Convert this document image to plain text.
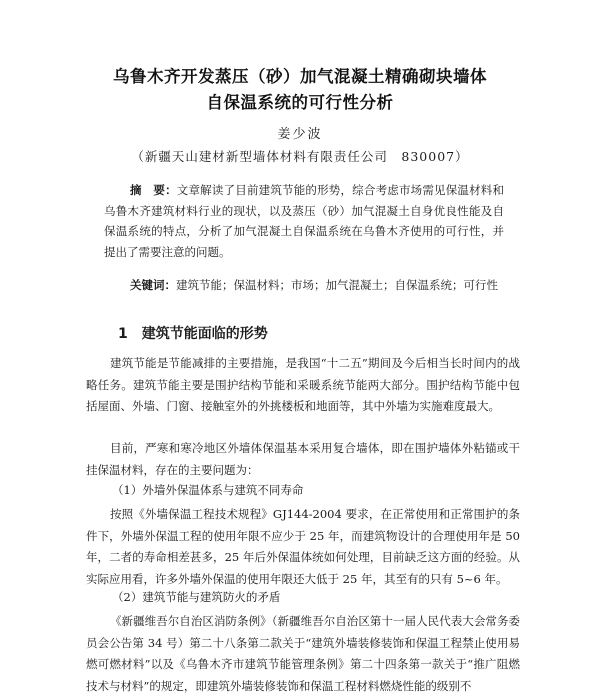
乌鲁木齐开发蒸压（砂）加气混凝土精确砌块墙体
自保温系统的可行性分析
姜少波
（新疆天山建材新型墙体材料有限责任公司　830007）

摘　要：文章解读了目前建筑节能的形势，综合考虑市场需见保温材料和乌鲁木齐建筑材料行业的现状，以及蒸压（砂）加气混凝土自身优良性能及自保温系统的特点，分析了加气混凝土自保温系统在乌鲁木齐使用的可行性，并提出了需要注意的问题。

关键词：建筑节能；保温材料；市场；加气混凝土；自保温系统；可行性

1　建筑节能面临的形势

建筑节能是节能减排的主要措施，是我国“十二五”期间及今后相当长时间内的战略任务。建筑节能主要是围护结构节能和采暖系统节能两大部分。围护结构节能中包括屋面、外墙、门窗、接触室外的外挑楼板和地面等，其中外墙为实施难度最大。

目前，严寒和寒冷地区外墙体保温基本采用复合墙体，即在围护墙体外粘锚或干挂保温材料，存在的主要问题为：

（1）外墙外保温体系与建筑不同寿命

按照《外墙保温工程技术规程》GJ144-2004 要求，在正常使用和正常围护的条件下，外墙外保温工程的使用年限不应少于 25 年，而建筑物设计的合理使用年是 50 年，二者的寿命相差甚多，25 年后外保温体统如何处理，目前缺乏这方面的经验。从实际应用看，许多外墙外保温的使用年限还大低于 25 年，其至有的只有 5~6 年。

（2）建筑节能与建筑防火的矛盾

《新疆维吾尔自治区消防条例》（新疆维吾尔自治区第十一届人民代表大会常务委员会公告第 34 号）第二十八条第二款关于“建筑外墙装修装饰和保温工程禁止使用易燃可燃材料”以及《乌鲁木齐市建筑节能管理条例》第二十四条第一款关于“推广阻燃技术与材料”的规定，即建筑外墙装修装饰和保温工程材料燃烧性能的级别不
